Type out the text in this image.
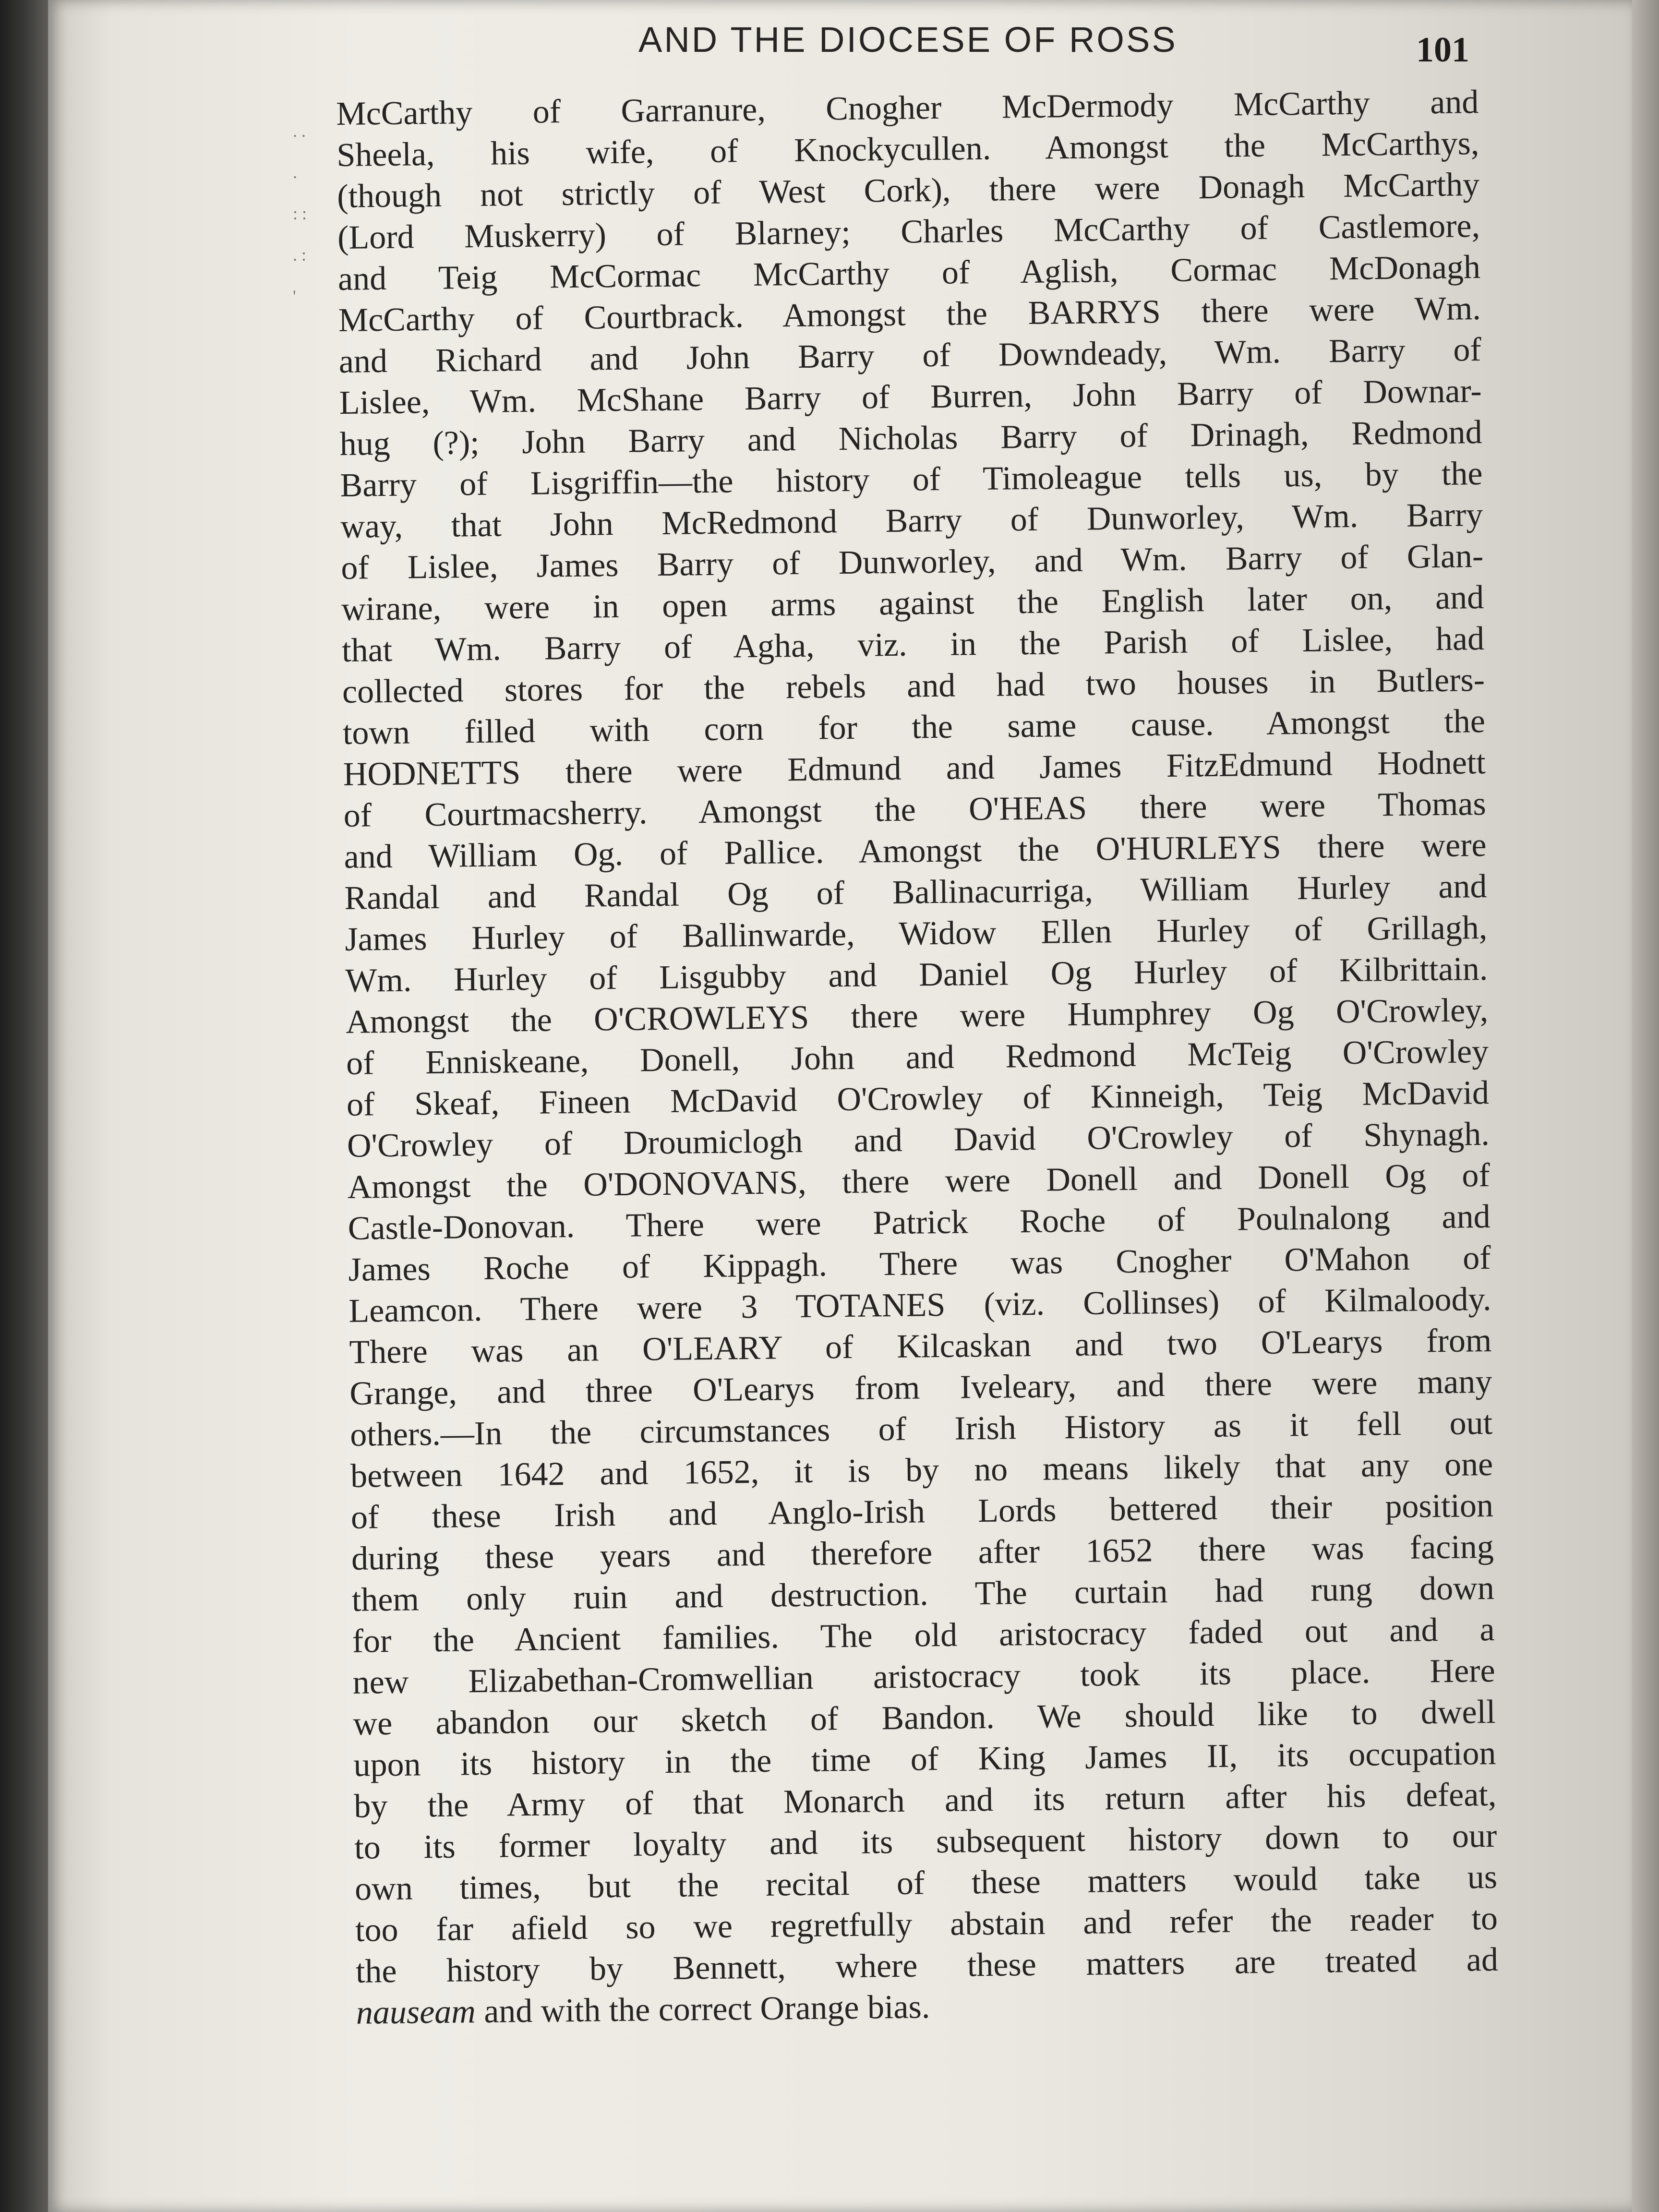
AND THE DIOCESE OF ROSS	101
. . .
: :
. :
'
McCarthy of Garranure, Cnogher McDermody McCarthy and
Sheela, his wife, of Knockycullen. Amongst the McCarthys,
(though not strictly of West Cork), there were Donagh McCarthy
(Lord Muskerry) of Blarney; Charles McCarthy of Castlemore,
and Teig McCormac McCarthy of Aglish, Cormac McDonagh
McCarthy of Courtbrack. Amongst the BARRYS there were Wm.
and Richard and John Barry of Downdeady, Wm. Barry of
Lislee, Wm. McShane Barry of Burren, John Barry of Downar-
hug (?); John Barry and Nicholas Barry of Drinagh, Redmond
Barry of Lisgriffin—the history of Timoleague tells us, by the
way, that John McRedmond Barry of Dunworley, Wm. Barry
of Lislee, James Barry of Dunworley, and Wm. Barry of Glan-
wirane, were in open arms against the English later on, and
that Wm. Barry of Agha, viz. in the Parish of Lislee, had
collected stores for the rebels and had two houses in Butlers-
town filled with corn for the same cause. Amongst the
HODNETTS there were Edmund and James FitzEdmund Hodnett
of Courtmacsherry. Amongst the O'HEAS there were Thomas
and William Og. of Pallice. Amongst the O'HURLEYS there were
Randal and Randal Og of Ballinacurriga, William Hurley and
James Hurley of Ballinwarde, Widow Ellen Hurley of Grillagh,
Wm. Hurley of Lisgubby and Daniel Og Hurley of Kilbrittain.
Amongst the O'CROWLEYS there were Humphrey Og O'Crowley,
of Enniskeane, Donell, John and Redmond McTeig O'Crowley
of Skeaf, Fineen McDavid O'Crowley of Kinneigh, Teig McDavid
O'Crowley of Droumiclogh and David O'Crowley of Shynagh.
Amongst the O'DONOVANS, there were Donell and Donell Og of
Castle-Donovan. There were Patrick Roche of Poulnalong and
James Roche of Kippagh. There was Cnogher O'Mahon of
Leamcon. There were 3 TOTANES (viz. Collinses) of Kilmaloody.
There was an O'LEARY of Kilcaskan and two O'Learys from
Grange, and three O'Learys from Iveleary, and there were many
others.—In the circumstances of Irish History as it fell out
between 1642 and 1652, it is by no means likely that any one
of these Irish and Anglo-Irish Lords bettered their position
during these years and therefore after 1652 there was facing
them only ruin and destruction. The curtain had rung down
for the Ancient families. The old aristocracy faded out and a
new Elizabethan-Cromwellian aristocracy took its place. Here
we abandon our sketch of Bandon. We should like to dwell
upon its history in the time of King James II, its occupation
by the Army of that Monarch and its return after his defeat,
to its former loyalty and its subsequent history down to our
own times, but the recital of these matters would take us
too far afield so we regretfully abstain and refer the reader to
the history by Bennett, where these matters are treated ad
nauseam and with the correct Orange bias.
